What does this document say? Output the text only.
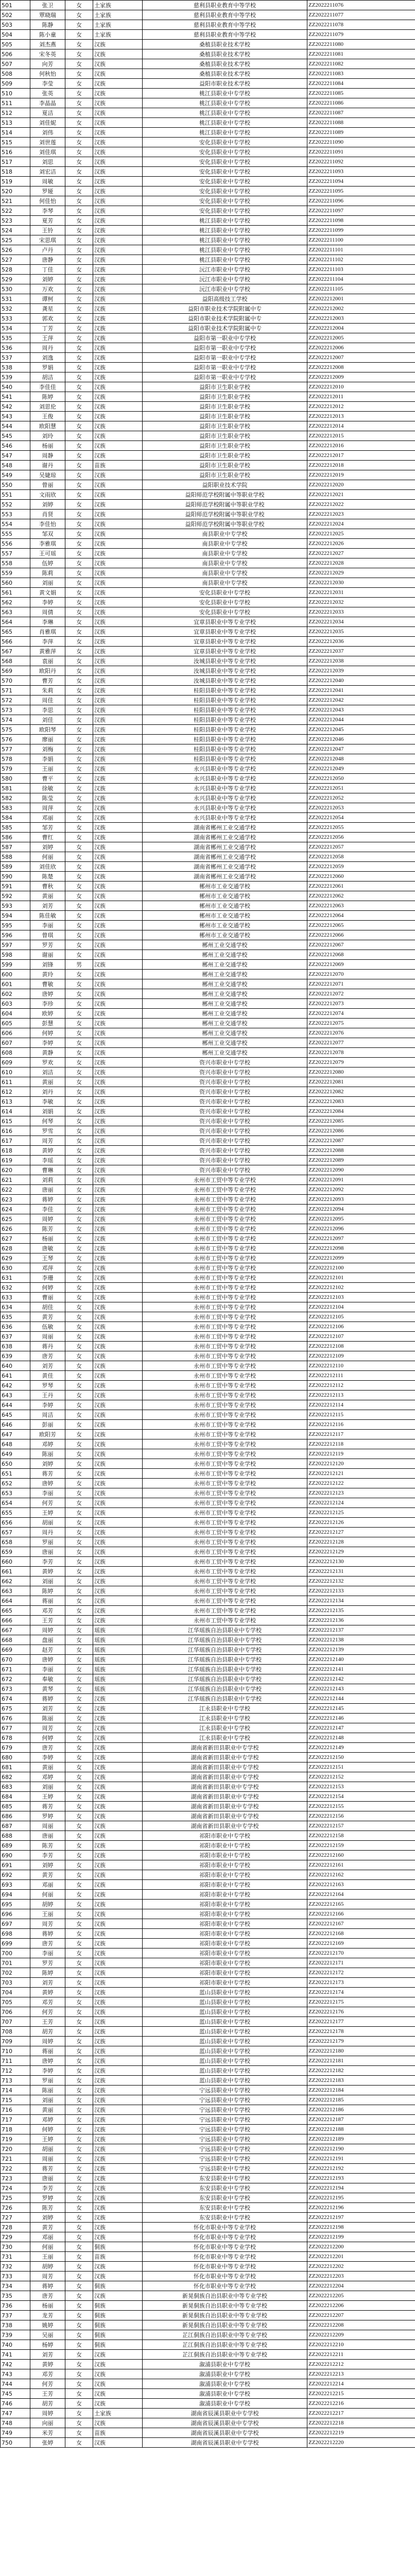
501	张卫	女	土家族	慈利县职业教育中等学校	ZZ2022211076
502	覃晓瑞	女	土家族	慈利县职业教育中等学校	ZZ2022211077
503	陈静	女	土家族	慈利县职业教育中等学校	ZZ2022211078
504	陈小童	女	土家族	慈利县职业教育中等学校	ZZ2022211079
505	刘杰燕	女	汉族	桑植县职业技术学校	ZZ2022211080
506	宋冬英	女	汉族	桑植县职业技术学校	ZZ2022211081
507	向芳	女	汉族	桑植县职业技术学校	ZZ2022211082
508	何秋怡	女	汉族	桑植县职业技术学校	ZZ2022211083
509	李莹	女	汉族	益阳市职业技术学校	ZZ2022211084
510	张英	女	汉族	桃江县职业中专学校	ZZ2022211085
511	李晶晶	女	汉族	桃江县职业中专学校	ZZ2022211086
512	夏洁	女	汉族	桃江县职业中专学校	ZZ2022211087
513	刘佳妮	女	汉族	桃江县职业中专学校	ZZ2022211088
514	刘伟	女	汉族	桃江县职业中专学校	ZZ2022211089
515	刘世莲	女	汉族	安化县职业中专学校	ZZ2022211090
516	刘佳琪	女	汉族	安化县职业中专学校	ZZ2022211091
517	刘思	女	汉族	安化县职业中专学校	ZZ2022211092
518	刘宏洁	女	汉族	安化县职业中专学校	ZZ2022211093
519	周敏	女	汉族	安化县职业中专学校	ZZ2022211094
520	罗娅	女	汉族	安化县职业中专学校	ZZ2022211095
521	何佳怡	女	汉族	安化县职业中专学校	ZZ2022211096
522	李琴	女	汉族	安化县职业中专学校	ZZ2022211097
523	夏芳	女	汉族	桃江县职业中专学校	ZZ2022211098
524	王铃	女	汉族	桃江县职业中专学校	ZZ2022211099
525	宋思琪	女	汉族	桃江县职业中专学校	ZZ2022211100
526	卢丹	女	汉族	桃江县职业中专学校	ZZ2022211101
527	唐静	女	汉族	桃江县职业中专学校	ZZ2022211102
528	丁佳	女	汉族	沅江市职业中专学校	ZZ2022211103
529	刘婷	女	汉族	沅江市职业中专学校	ZZ2022211104
530	万欢	女	汉族	沅江市职业中专学校	ZZ2022211105
531	谭柯	女	汉族	益阳高级技工学校	ZZ2022212001
532	龚星	女	汉族	益阳市职业技术学院附属中专	ZZ2022212002
533	郭欢	女	汉族	益阳市职业技术学院附属中专	ZZ2022212003
534	丁芳	女	汉族	益阳市职业技术学院附属中专	ZZ2022212004
535	王萍	女	汉族	益阳市第一职业中专学校	ZZ2022212005
536	周丹	女	汉族	益阳市第一职业中专学校	ZZ2022212006
537	刘逸	女	汉族	益阳市第一职业中专学校	ZZ2022212007
538	罗娟	女	汉族	益阳市第一职业中专学校	ZZ2022212008
539	胡洁	女	汉族	益阳市第一职业中专学校	ZZ2022212009
540	李佳佳	女	汉族	益阳市卫生职业学校	ZZ2022212010
541	陈婷	女	汉族	益阳市卫生职业学校	ZZ2022212011
542	刘思伦	女	汉族	益阳市卫生职业学校	ZZ2022212012
543	王俊	女	汉族	益阳市卫生职业学校	ZZ2022212013
544	欧阳慧	女	汉族	益阳市卫生职业学校	ZZ2022212014
545	刘玲	女	汉族	益阳市卫生职业学校	ZZ2022212015
546	杨丽	女	汉族	益阳市卫生职业学校	ZZ2022212016
547	周静	女	汉族	益阳市卫生职业学校	ZZ2022212017
548	谢丹	女	苗族	益阳市卫生职业学校	ZZ2022212018
549	吴婕琼	女	汉族	益阳市卫生职业学校	ZZ2022212019
550	曾丽	女	汉族	益阳职业技术学院	ZZ2022212020
551	文雨欣	女	汉族	益阳师范学校附属中等职业学校	ZZ2022212021
552	刘婷	女	汉族	益阳师范学校附属中等职业学校	ZZ2022212022
553	肖贤	女	汉族	益阳师范学校附属中等职业学校	ZZ2022212023
554	李佳怡	女	汉族	益阳师范学校附属中等职业学校	ZZ2022212024
555	邹双	女	汉族	南县职业中专学校	ZZ2022212025
556	李雅琪	女	汉族	南县职业中专学校	ZZ2022212026
557	王可瑶	女	汉族	南县职业中专学校	ZZ2022212027
558	伍婷	女	汉族	南县职业中专学校	ZZ2022212028
559	陈莉	女	汉族	南县职业中专学校	ZZ2022212029
560	刘丽	女	汉族	南县职业中专学校	ZZ2022212030
561	黄文娟	女	汉族	安化县职业中专学校	ZZ2022212031
562	李婷	女	汉族	安化县职业中专学校	ZZ2022212032
563	周倩	女	汉族	安化县职业中专学校	ZZ2022212033
564	李琳	女	汉族	宜章县职业中等专业学校	ZZ2022212034
565	肖雅琪	女	汉族	宜章县职业中等专业学校	ZZ2022212035
566	李萍	女	汉族	宜章县职业中等专业学校	ZZ2022212036
567	黄雅萍	女	汉族	宜章县职业中等专业学校	ZZ2022212037
568	袁丽	女	汉族	汝城县职业中等专业学校	ZZ2022212038
569	欧阳丹	女	汉族	汝城县职业中等专业学校	ZZ2022212039
570	曹芳	女	汉族	汝城县职业中等专业学校	ZZ2022212040
571	朱莉	女	汉族	桂阳县职业中等专业学校	ZZ2022212041
572	周佳	女	汉族	桂阳县职业中等专业学校	ZZ2022212042
573	李思	女	汉族	桂阳县职业中等专业学校	ZZ2022212043
574	刘佳	女	汉族	桂阳县职业中等专业学校	ZZ2022212044
575	欧阳琴	女	汉族	桂阳县职业中等专业学校	ZZ2022212045
576	廖丽	女	汉族	桂阳县职业中等专业学校	ZZ2022212046
577	刘梅	女	汉族	桂阳县职业中等专业学校	ZZ2022212047
578	李娟	女	汉族	桂阳县职业中等专业学校	ZZ2022212048
579	王丽	女	汉族	永兴县职业中等专业学校	ZZ2022212049
580	曹平	女	汉族	永兴县职业中等专业学校	ZZ2022212050
581	徐敏	女	汉族	永兴县职业中等专业学校	ZZ2022212051
582	陈莹	女	汉族	永兴县职业中等专业学校	ZZ2022212052
583	周萍	女	汉族	永兴县职业中等专业学校	ZZ2022212053
584	邓丽	女	汉族	永兴县职业中等专业学校	ZZ2022212054
585	邹芳	女	汉族	湖南省郴州工业交通学校	ZZ2022212055
586	曹红	女	汉族	湖南省郴州工业交通学校	ZZ2022212056
587	刘婷	女	汉族	湖南省郴州工业交通学校	ZZ2022212057
588	何丽	女	汉族	湖南省郴州工业交通学校	ZZ2022212058
589	刘佳欣	女	汉族	湖南省郴州工业交通学校	ZZ2022212059
590	陈楚	女	汉族	湖南省郴州工业交通学校	ZZ2022212060
591	曹秋	女	汉族	郴州市工业交通学校	ZZ2022212061
592	黄丽	女	汉族	郴州市工业交通学校	ZZ2022212062
593	刘芳	女	汉族	郴州市工业交通学校	ZZ2022212063
594	陈佳敏	女	汉族	郴州市工业交通学校	ZZ2022212064
595	李丽	女	汉族	郴州市工业交通学校	ZZ2022212065
596	曾琪	女	汉族	郴州市工业交通学校	ZZ2022212066
597	罗芳	女	汉族	郴州工业交通学校	ZZ2022212067
598	谢丽	女	汉族	郴州工业交通学校	ZZ2022212068
599	刘锋	男	汉族	郴州工业交通学校	ZZ2022212069
600	黄玲	女	汉族	郴州工业交通学校	ZZ2022212070
601	曹敏	女	汉族	郴州工业交通学校	ZZ2022212071
602	唐婷	女	汉族	郴州工业交通学校	ZZ2022212072
603	李珍	女	汉族	郴州工业交通学校	ZZ2022212073
604	欧婷	女	汉族	郴州工业交通学校	ZZ2022212074
605	彭慧	女	汉族	郴州工业交通学校	ZZ2022212075
606	何婷	女	汉族	郴州工业交通学校	ZZ2022212076
607	李婷	女	汉族	郴州工业交通学校	ZZ2022212077
608	黄静	女	汉族	郴州工业交通学校	ZZ2022212078
609	罗欢	女	汉族	资兴市职业中专学校	ZZ2022212079
610	刘洁	女	汉族	资兴市职业中专学校	ZZ2022212080
611	黄丽	女	汉族	资兴市职业中专学校	ZZ2022212081
612	刘丹	女	汉族	资兴市职业中专学校	ZZ2022212082
613	李敏	女	汉族	资兴市职业中专学校	ZZ2022212083
614	刘娟	女	汉族	资兴市职业中专学校	ZZ2022212084
615	何琴	女	汉族	资兴市职业中专学校	ZZ2022212085
616	罗雪	女	汉族	资兴市职业中专学校	ZZ2022212086
617	周芳	女	汉族	资兴市职业中专学校	ZZ2022212087
618	黄婷	女	汉族	资兴市职业中专学校	ZZ2022212088
619	李瑶	女	汉族	资兴市职业中专学校	ZZ2022212089
620	曹琳	女	汉族	资兴市职业中专学校	ZZ2022212090
621	刘莉	女	汉族	永州市工贸中等专业学校	ZZ2022212091
622	唐丽	女	汉族	永州市工贸中等专业学校	ZZ2022212092
623	蒋婷	女	汉族	永州市工贸中等专业学校	ZZ2022212093
624	李佳	女	汉族	永州市工贸中等专业学校	ZZ2022212094
625	周婷	女	汉族	永州市工贸中等专业学校	ZZ2022212095
626	陈芳	女	汉族	永州市工贸中等专业学校	ZZ2022212096
627	杨丽	女	汉族	永州市工贸中等专业学校	ZZ2022212097
628	唐敏	女	汉族	永州市工贸中等专业学校	ZZ2022212098
629	王琴	女	汉族	永州市工贸中等专业学校	ZZ2022212099
630	邓萍	女	汉族	永州市工贸中等专业学校	ZZ2022212100
631	李珊	女	汉族	永州市工贸中等专业学校	ZZ2022212101
632	何婷	女	汉族	永州市工贸中等专业学校	ZZ2022212102
633	曹丽	女	汉族	永州市工贸中等专业学校	ZZ2022212103
634	胡佳	女	汉族	永州市工贸中等专业学校	ZZ2022212104
635	黄芳	女	汉族	永州市工贸中等专业学校	ZZ2022212105
636	伍敏	女	汉族	永州市工贸中等专业学校	ZZ2022212106
637	周丽	女	汉族	永州市工贸中等专业学校	ZZ2022212107
638	蒋丹	女	汉族	永州市工贸中等专业学校	ZZ2022212108
639	唐芳	女	汉族	永州市工贸中等专业学校	ZZ2022212109
640	刘芳	女	汉族	永州市工贸中等专业学校	ZZ2022212110
641	黄佳	女	汉族	永州市工贸中等专业学校	ZZ2022212111
642	罗琴	女	汉族	永州市工贸中等专业学校	ZZ2022212112
643	王丹	女	汉族	永州市工贸中等专业学校	ZZ2022212113
644	李婷	女	汉族	永州市工贸中等专业学校	ZZ2022212114
645	周洁	女	汉族	永州市工贸中等专业学校	ZZ2022212115
646	彭丽	女	汉族	永州市工贸中等专业学校	ZZ2022212116
647	欧阳芳	女	汉族	永州市工贸中等专业学校	ZZ2022212117
648	邓婷	女	汉族	永州市工贸中等专业学校	ZZ2022212118
649	陈丽	女	汉族	永州市工贸中等专业学校	ZZ2022212119
650	刘婷	女	汉族	永州市工贸中等专业学校	ZZ2022212120
651	蒋芳	女	汉族	永州市工贸中等专业学校	ZZ2022212121
652	唐婷	女	汉族	永州市工贸中等专业学校	ZZ2022212122
653	李丽	女	汉族	永州市工贸中等专业学校	ZZ2022212123
654	何芳	女	汉族	永州市工贸中等专业学校	ZZ2022212124
655	王婷	女	汉族	永州市工贸中等专业学校	ZZ2022212125
656	胡丽	女	汉族	永州市工贸中等专业学校	ZZ2022212126
657	周丹	女	汉族	永州市工贸中等专业学校	ZZ2022212127
658	罗丽	女	汉族	永州市工贸中等专业学校	ZZ2022212128
659	唐丽	女	汉族	永州市工贸中等专业学校	ZZ2022212129
660	李芳	女	汉族	永州市工贸中等专业学校	ZZ2022212130
661	黄婷	女	汉族	永州市工贸中等专业学校	ZZ2022212131
662	刘丽	女	汉族	永州市工贸中等专业学校	ZZ2022212132
663	陈婷	女	汉族	永州市工贸中等专业学校	ZZ2022212133
664	蒋丽	女	汉族	永州市工贸中等专业学校	ZZ2022212134
665	邓芳	女	汉族	永州市工贸中等专业学校	ZZ2022212135
666	王芳	女	汉族	永州市工贸中等专业学校	ZZ2022212136
667	周婷	女	瑶族	江华瑶族自治县职业中专学校	ZZ2022212137
668	盘丽	女	瑶族	江华瑶族自治县职业中专学校	ZZ2022212138
669	赵芳	女	瑶族	江华瑶族自治县职业中专学校	ZZ2022212139
670	唐婷	女	瑶族	江华瑶族自治县职业中专学校	ZZ2022212140
671	李丽	女	瑶族	江华瑶族自治县职业中专学校	ZZ2022212141
672	奉敏	女	瑶族	江华瑶族自治县职业中专学校	ZZ2022212142
673	黄琴	女	瑶族	江华瑶族自治县职业中专学校	ZZ2022212143
674	蒋婷	女	汉族	江华瑶族自治县职业中专学校	ZZ2022212144
675	刘芳	女	汉族	江永县职业中专学校	ZZ2022212145
676	陈丽	女	汉族	江永县职业中专学校	ZZ2022212146
677	周芳	女	汉族	江永县职业中专学校	ZZ2022212147
678	何婷	女	汉族	江永县职业中专学校	ZZ2022212148
679	唐芳	女	汉族	湖南省新田县职业中专学校	ZZ2022212149
680	李婷	女	汉族	湖南省新田县职业中专学校	ZZ2022212150
681	黄丽	女	汉族	湖南省新田县职业中专学校	ZZ2022212151
682	邓婷	女	汉族	湖南省新田县职业中专学校	ZZ2022212152
683	刘丽	女	汉族	湖南省新田县职业中专学校	ZZ2022212153
684	王婷	女	汉族	湖南省新田县职业中专学校	ZZ2022212154
685	蒋芳	女	汉族	湖南省新田县职业中专学校	ZZ2022212155
686	罗婷	女	汉族	湖南省新田县职业中专学校	ZZ2022212156
687	周丽	女	汉族	湖南省新田县职业中专学校	ZZ2022212157
688	唐丽	女	汉族	祁阳市职业中专学校	ZZ2022212158
689	陈芳	女	汉族	祁阳市职业中专学校	ZZ2022212159
690	李芳	女	汉族	祁阳市职业中专学校	ZZ2022212160
691	刘婷	女	汉族	祁阳市职业中专学校	ZZ2022212161
692	黄芳	女	汉族	祁阳市职业中专学校	ZZ2022212162
693	邓丽	女	汉族	祁阳市职业中专学校	ZZ2022212163
694	何丽	女	汉族	祁阳市职业中专学校	ZZ2022212164
695	胡婷	女	汉族	祁阳市职业中专学校	ZZ2022212165
696	王丽	女	汉族	祁阳市职业中专学校	ZZ2022212166
697	周芳	女	汉族	祁阳市职业中专学校	ZZ2022212167
698	蒋婷	女	汉族	祁阳市职业中专学校	ZZ2022212168
699	唐芳	女	汉族	祁阳市职业中专学校	ZZ2022212169
700	李丽	女	汉族	祁阳市职业中专学校	ZZ2022212170
701	罗芳	女	汉族	祁阳市职业中专学校	ZZ2022212171
702	陈婷	女	汉族	祁阳市职业中专学校	ZZ2022212172
703	刘芳	女	汉族	祁阳市职业中专学校	ZZ2022212173
704	黄婷	女	汉族	蓝山县职业中专学校	ZZ2022212174
705	邓芳	女	汉族	蓝山县职业中专学校	ZZ2022212175
706	何芳	女	汉族	蓝山县职业中专学校	ZZ2022212176
707	王芳	女	汉族	蓝山县职业中专学校	ZZ2022212177
708	胡芳	女	汉族	蓝山县职业中专学校	ZZ2022212178
709	周婷	女	汉族	蓝山县职业中专学校	ZZ2022212179
710	蒋丽	女	汉族	蓝山县职业中专学校	ZZ2022212180
711	唐婷	女	汉族	蓝山县职业中专学校	ZZ2022212181
712	李婷	女	汉族	蓝山县职业中专学校	ZZ2022212182
713	罗丽	女	汉族	蓝山县职业中专学校	ZZ2022212183
714	陈丽	女	汉族	宁远县职业中专学校	ZZ2022212184
715	刘丽	女	汉族	宁远县职业中专学校	ZZ2022212185
716	黄丽	女	汉族	宁远县职业中专学校	ZZ2022212186
717	邓婷	女	汉族	宁远县职业中专学校	ZZ2022212187
718	何婷	女	汉族	宁远县职业中专学校	ZZ2022212188
719	王婷	女	汉族	宁远县职业中专学校	ZZ2022212189
720	胡丽	女	汉族	宁远县职业中专学校	ZZ2022212190
721	周丽	女	汉族	宁远县职业中专学校	ZZ2022212191
722	蒋芳	女	汉族	宁远县职业中专学校	ZZ2022212192
723	唐丽	女	汉族	东安县职业中专学校	ZZ2022212193
724	李芳	女	汉族	东安县职业中专学校	ZZ2022212194
725	罗婷	女	汉族	东安县职业中专学校	ZZ2022212195
726	陈芳	女	汉族	东安县职业中专学校	ZZ2022212196
727	刘婷	女	汉族	东安县职业中专学校	ZZ2022212197
728	黄芳	女	汉族	怀化市职业中等专业学校	ZZ2022212198
729	邓丽	女	汉族	怀化市职业中等专业学校	ZZ2022212199
730	何丽	女	侗族	怀化市职业中等专业学校	ZZ2022212200
731	王丽	女	苗族	怀化市职业中等专业学校	ZZ2022212201
732	胡婷	女	汉族	怀化市职业中等专业学校	ZZ2022212202
733	周芳	女	汉族	怀化市职业中等专业学校	ZZ2022212203
734	蒋婷	女	侗族	怀化市职业中等专业学校	ZZ2022212204
735	唐芳	女	汉族	新晃侗族自治县职业中等专业学校	ZZ2022212205
736	杨丽	女	侗族	新晃侗族自治县职业中等专业学校	ZZ2022212206
737	龙芳	女	侗族	新晃侗族自治县职业中等专业学校	ZZ2022212207
738	姚婷	女	侗族	新晃侗族自治县职业中等专业学校	ZZ2022212208
739	吴丽	女	侗族	芷江侗族自治县职业中等专业学校	ZZ2022212209
740	杨婷	女	侗族	芷江侗族自治县职业中等专业学校	ZZ2022212210
741	刘芳	女	汉族	芷江侗族自治县职业中等专业学校	ZZ2022212211
742	黄婷	女	汉族	溆浦县职业中专学校	ZZ2022212212
743	邓芳	女	汉族	溆浦县职业中专学校	ZZ2022212213
744	何芳	女	汉族	溆浦县职业中专学校	ZZ2022212214
745	王芳	女	汉族	溆浦县职业中专学校	ZZ2022212215
746	胡芳	女	汉族	溆浦县职业中专学校	ZZ2022212216
747	周婷	女	土家族	湖南省辰溪县职业中专学校	ZZ2022212217
748	向丽	女	汉族	湖南省辰溪县职业中专学校	ZZ2022212218
749	米芳	女	苗族	湖南省辰溪县职业中专学校	ZZ2022212219
750	张婷	女	汉族	湖南省辰溪县职业中专学校	ZZ2022212220
